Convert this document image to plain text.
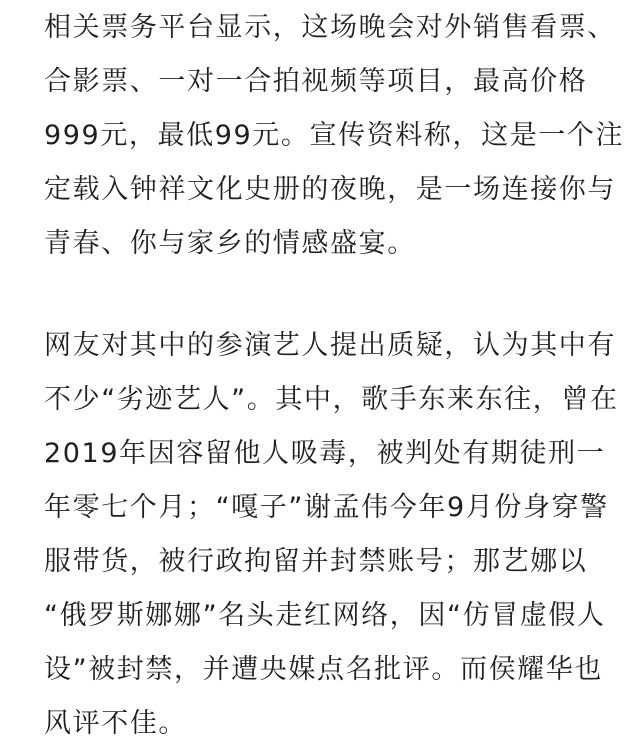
相关票务平台显示，这场晚会对外销售看票、
合影票、一对一合拍视频等项目，最高价格
999元，最低99元。宣传资料称，这是一个注
定载入钟祥文化史册的夜晚，是一场连接你与
青春、你与家乡的情感盛宴。
网友对其中的参演艺人提出质疑，认为其中有
不少“劣迹艺人”。其中，歌手东来东往，曾在
2019年因容留他人吸毒，被判处有期徒刑一
年零七个月；“嘎子”谢孟伟今年9月份身穿警
服带货，被行政拘留并封禁账号；那艺娜以
“俄罗斯娜娜”名头走红网络，因“仿冒虚假人
设”被封禁，并遭央媒点名批评。而侯耀华也
风评不佳。
